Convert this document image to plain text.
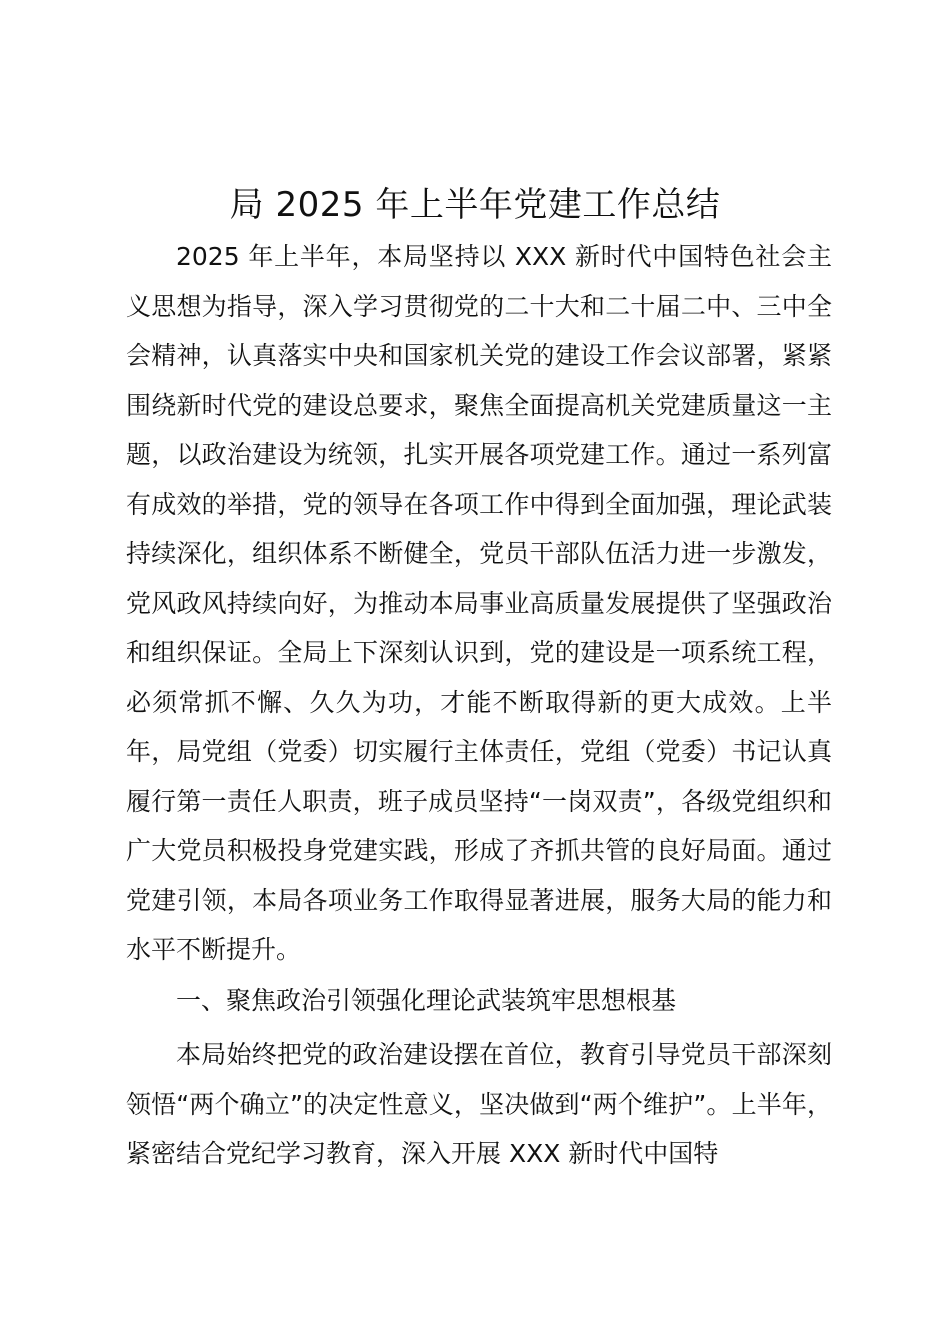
局 2025 年上半年党建工作总结

2025 年上半年，本局坚持以 XXX 新时代中国特色社会主义思想为指导，深入学习贯彻党的二十大和二十届二中、三中全会精神，认真落实中央和国家机关党的建设工作会议部署，紧紧围绕新时代党的建设总要求，聚焦全面提高机关党建质量这一主题，以政治建设为统领，扎实开展各项党建工作。通过一系列富有成效的举措，党的领导在各项工作中得到全面加强，理论武装持续深化，组织体系不断健全，党员干部队伍活力进一步激发，党风政风持续向好，为推动本局事业高质量发展提供了坚强政治和组织保证。全局上下深刻认识到，党的建设是一项系统工程，必须常抓不懈、久久为功，才能不断取得新的更大成效。上半年，局党组（党委）切实履行主体责任，党组（党委）书记认真履行第一责任人职责，班子成员坚持“一岗双责”，各级党组织和广大党员积极投身党建实践，形成了齐抓共管的良好局面。通过党建引领，本局各项业务工作取得显著进展，服务大局的能力和水平不断提升。

一、聚焦政治引领强化理论武装筑牢思想根基

本局始终把党的政治建设摆在首位，教育引导党员干部深刻领悟“两个确立”的决定性意义，坚决做到“两个维护”。上半年，紧密结合党纪学习教育，深入开展 XXX 新时代中国特
